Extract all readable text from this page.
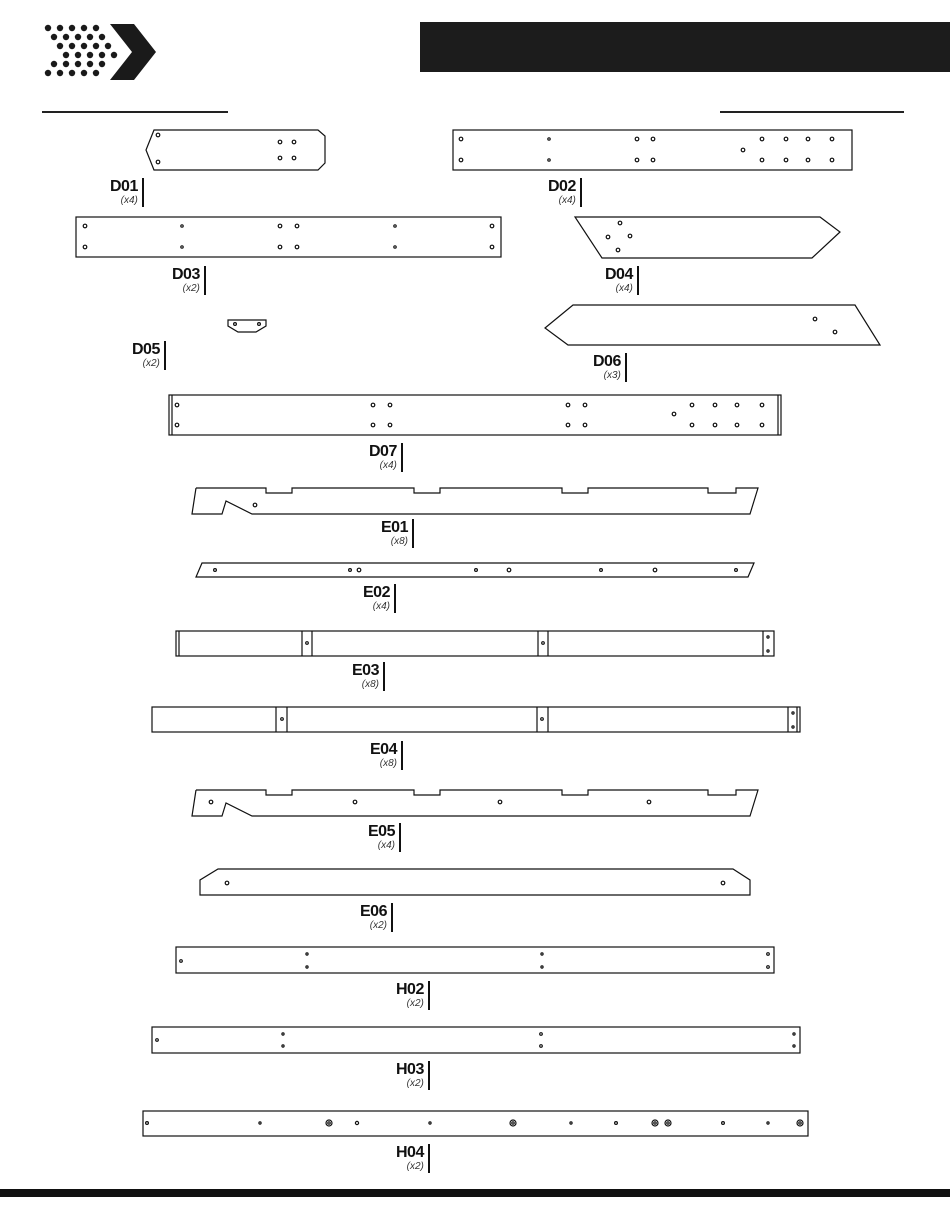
D01
(x4)
D02
(x4)
D03
(x2)
D04
(x4)
D05
(x2)	D06
(x3)
D07
(x4)
E01
(x8)
E02
(x4)
E03
(x8)
E04
(x8)
E05
(x4)
E06
(x2)
H02
(x2)
H03
(x2)
H04
(x2)
